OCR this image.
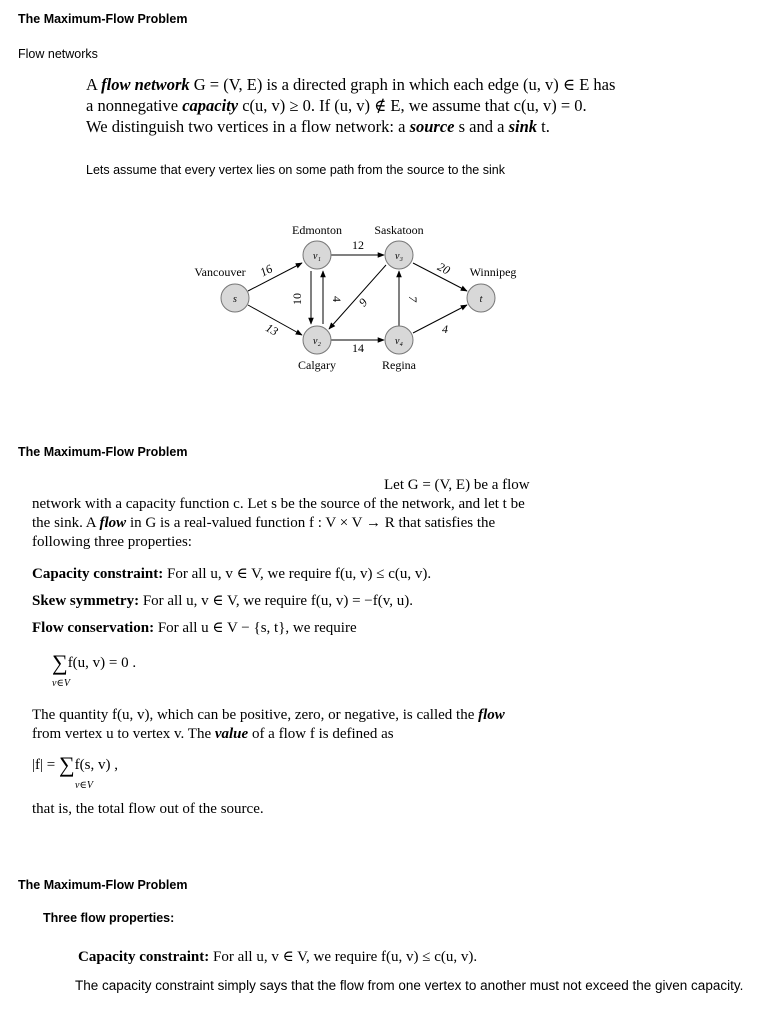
The Maximum-Flow Problem
Flow networks
A flow network G = (V, E) is a directed graph in which each edge (u, v) ∈ E has
a nonnegative capacity c(u, v) ≥ 0. If (u, v) ∉ E, we assume that c(u, v) = 0.
We distinguish two vertices in a flow network: a source s and a sink t.
Lets assume that every vertex lies on some path from the source to the sink
s
v₁	v₃
v₂	v₄
t
Edmonton	Saskatoon
Vancouver	Winnipeg
Calgary	Regina
16
13
12
14
20
4
10 4 9	7
The Maximum-Flow Problem
Let G = (V, E) be a flow
network with a capacity function c. Let s be the source of the network, and let t be
the sink. A flow in G is a real-valued function f : V × V → R that satisfies the
following three properties:
Capacity constraint: For all u, v ∈ V, we require f(u, v) ≤ c(u, v).
Skew symmetry: For all u, v ∈ V, we require f(u, v) = −f(v, u).
Flow conservation: For all u ∈ V − {s, t}, we require
∑f(u, v) = 0 .
v∈V
The quantity f(u, v), which can be positive, zero, or negative, is called the flow
from vertex u to vertex v. The value of a flow f is defined as
|f| = ∑f(s, v) ,
v∈V
that is, the total flow out of the source.
The Maximum-Flow Problem
Three flow properties:
Capacity constraint: For all u, v ∈ V, we require f(u, v) ≤ c(u, v).
The capacity constraint simply says that the flow from one vertex to another must not exceed the given capacity.
